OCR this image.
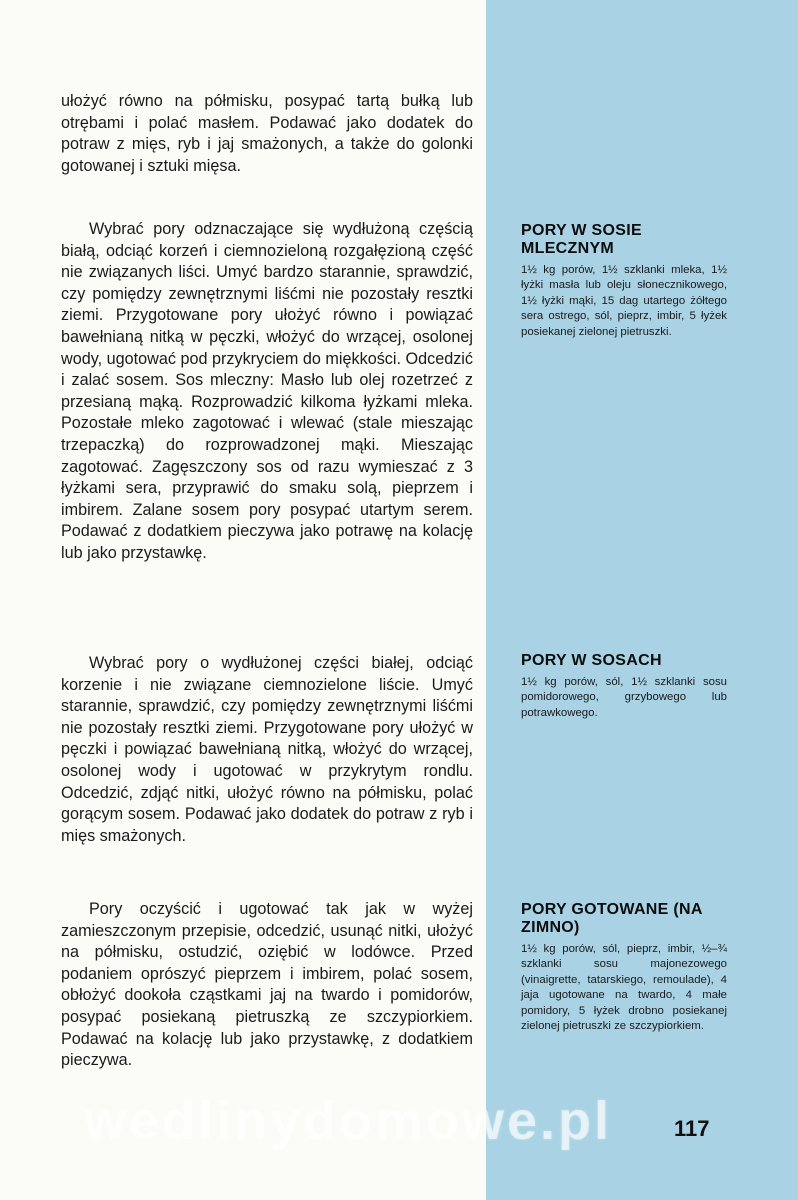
ułożyć równo na półmisku, posypać tartą bułką lub otrębami i polać masłem. Podawać jako dodatek do potraw z mięs, ryb i jaj smażonych, a także do golonki gotowanej i sztuki mięsa.

Wybrać pory odznaczające się wydłużoną częścią białą, odciąć korzeń i ciemnozieloną rozgałęzioną część nie związanych liści. Umyć bardzo starannie, sprawdzić, czy pomiędzy zewnętrznymi liśćmi nie pozostały resztki ziemi. Przygotowane pory ułożyć równo i powiązać bawełnianą nitką w pęczki, włożyć do wrzącej, osolonej wody, ugotować pod przykryciem do miękkości. Odcedzić i zalać sosem. Sos mleczny: Masło lub olej rozetrzeć z przesianą mąką. Rozprowadzić kilkoma łyżkami mleka. Pozostałe mleko zagotować i wlewać (stale mieszając trzepaczką) do rozprowadzonej mąki. Mieszając zagotować. Zagęszczony sos od razu wymieszać z 3 łyżkami sera, przyprawić do smaku solą, pieprzem i imbirem. Zalane sosem pory posypać utartym serem. Podawać z dodatkiem pieczywa jako potrawę na kolację lub jako przystawkę.

Wybrać pory o wydłużonej części białej, odciąć korzenie i nie związane ciemnozielone liście. Umyć starannie, sprawdzić, czy pomiędzy zewnętrznymi liśćmi nie pozostały resztki ziemi. Przygotowane pory ułożyć w pęczki i powiązać bawełnianą nitką, włożyć do wrzącej, osolonej wody i ugotować w przykrytym rondlu. Odcedzić, zdjąć nitki, ułożyć równo na półmisku, polać gorącym sosem. Podawać jako dodatek do potraw z ryb i mięs smażonych.

Pory oczyścić i ugotować tak jak w wyżej zamieszczonym przepisie, odcedzić, usunąć nitki, ułożyć na półmisku, ostudzić, oziębić w lodówce. Przed podaniem oprószyć pieprzem i imbirem, polać sosem, obłożyć dookoła cząstkami jaj na twardo i pomidorów, posypać posiekaną pietruszką ze szczypiorkiem. Podawać na kolację lub jako przystawkę, z dodatkiem pieczywa.

PORY W SOSIE MLECZNYM

1½ kg porów, 1½ szklanki mleka, 1½ łyżki masła lub oleju słonecznikowego, 1½ łyżki mąki, 15 dag utartego żółtego sera ostrego, sól, pieprz, imbir, 5 łyżek posiekanej zielonej pietruszki.

PORY W SOSACH

1½ kg porów, sól, 1½ szklanki sosu pomidorowego, grzybowego lub potrawkowego.

PORY GOTOWANE (NA ZIMNO)

1½ kg porów, sól, pieprz, imbir, ½–¾ szklanki sosu majonezowego (vinaigrette, tatarskiego, remoulade), 4 jaja ugotowane na twardo, 4 małe pomidory, 5 łyżek drobno posiekanej zielonej pietruszki ze szczypiorkiem.

wedlinydomowe.pl	117
